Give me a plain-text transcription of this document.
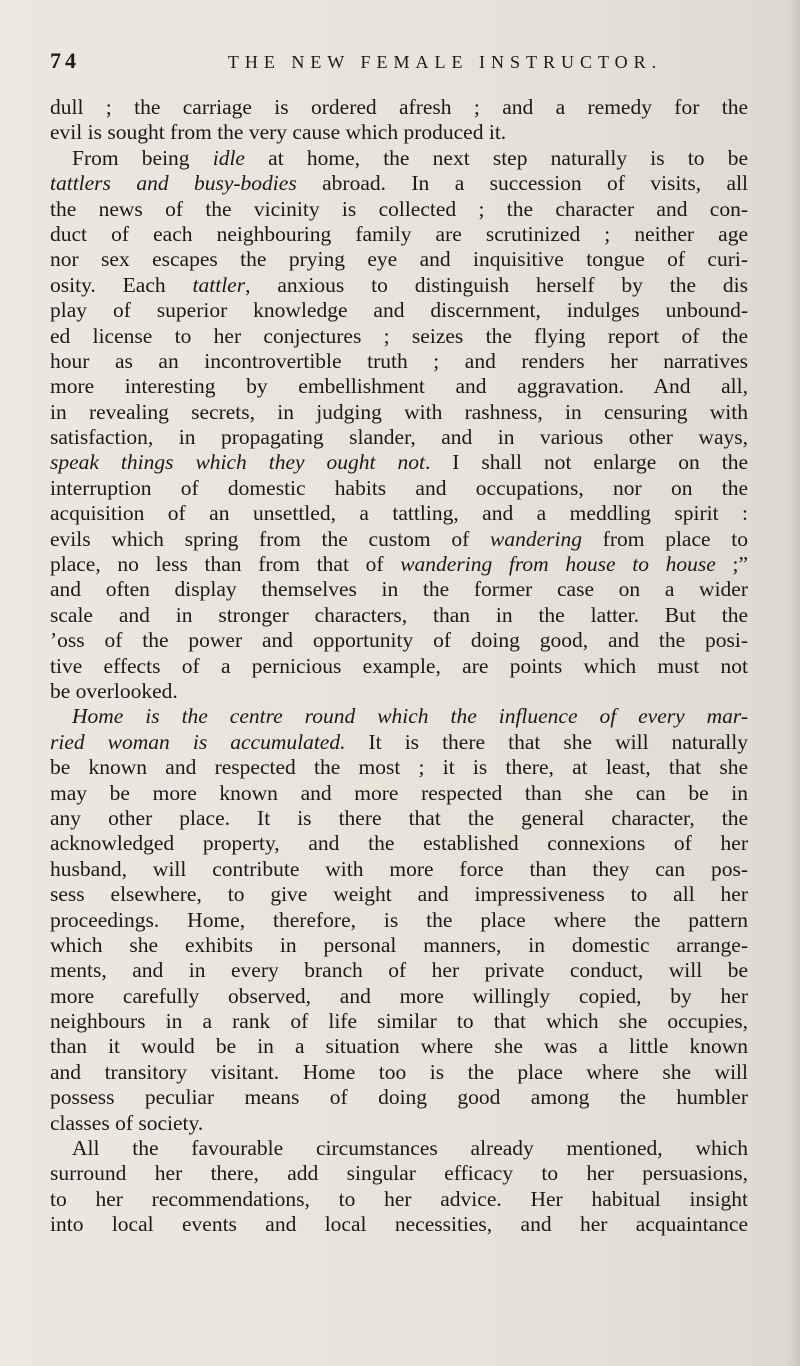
74	THE NEW FEMALE INSTRUCTOR.
dull ; the carriage is ordered afresh ; and a remedy for the
evil is sought from the very cause which produced it.
From being idle at home, the next step naturally is to be
tattlers and busy-bodies abroad. In a succession of visits, all
the news of the vicinity is collected ; the character and con-
duct of each neighbouring family are scrutinized ; neither age
nor sex escapes the prying eye and inquisitive tongue of curi-
osity. Each tattler, anxious to distinguish herself by the dis
play of superior knowledge and discernment, indulges unbound-
ed license to her conjectures ; seizes the flying report of the
hour as an incontrovertible truth ; and renders her narratives
more interesting by embellishment and aggravation. And all,
in revealing secrets, in judging with rashness, in censuring with
satisfaction, in propagating slander, and in various other ways,
speak things which they ought not. I shall not enlarge on the
interruption of domestic habits and occupations, nor on the
acquisition of an unsettled, a tattling, and a meddling spirit :
evils which spring from the custom of wandering from place to
place, no less than from that of wandering from house to house ;”
and often display themselves in the former case on a wider
scale and in stronger characters, than in the latter. But the
’oss of the power and opportunity of doing good, and the posi-
tive effects of a pernicious example, are points which must not
be overlooked.
Home is the centre round which the influence of every mar-
ried woman is accumulated. It is there that she will naturally
be known and respected the most ; it is there, at least, that she
may be more known and more respected than she can be in
any other place. It is there that the general character, the
acknowledged property, and the established connexions of her
husband, will contribute with more force than they can pos-
sess elsewhere, to give weight and impressiveness to all her
proceedings. Home, therefore, is the place where the pattern
which she exhibits in personal manners, in domestic arrange-
ments, and in every branch of her private conduct, will be
more carefully observed, and more willingly copied, by her
neighbours in a rank of life similar to that which she occupies,
than it would be in a situation where she was a little known
and transitory visitant. Home too is the place where she will
possess peculiar means of doing good among the humbler
classes of society.
All the favourable circumstances already mentioned, which
surround her there, add singular efficacy to her persuasions,
to her recommendations, to her advice. Her habitual insight
into local events and local necessities, and her acquaintance
